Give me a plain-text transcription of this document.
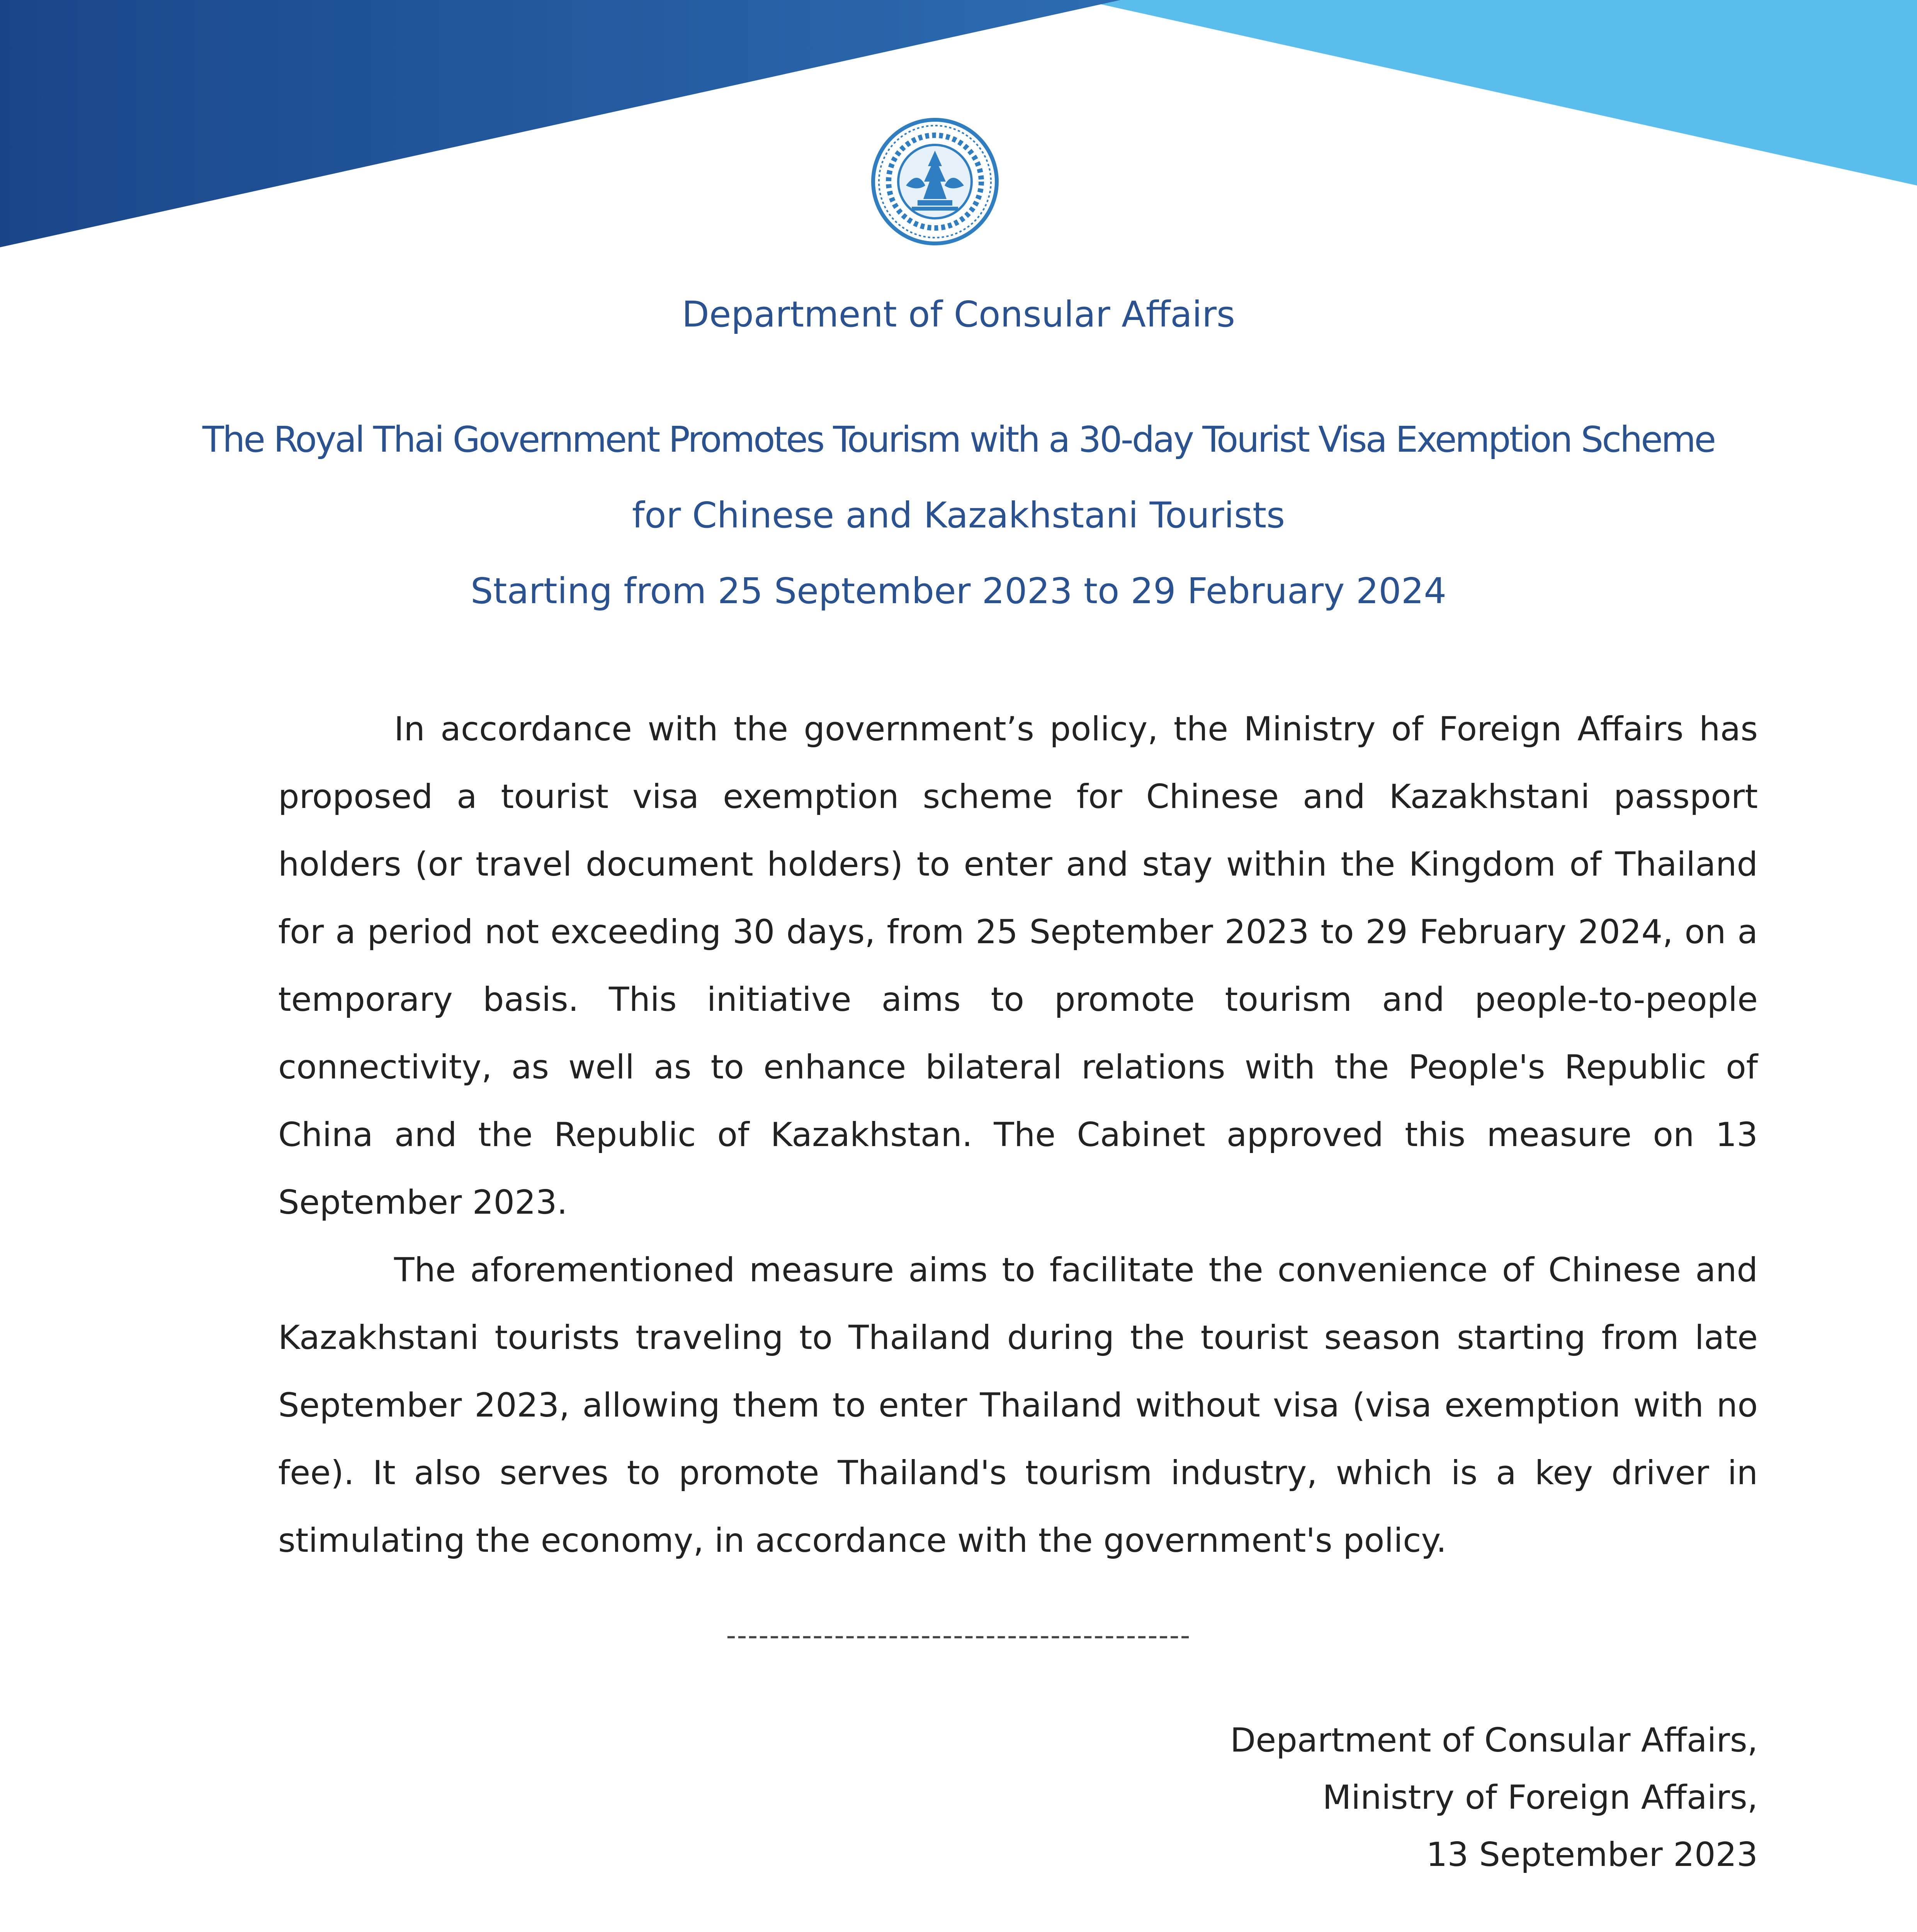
Department of Consular Affairs
The Royal Thai Government Promotes Tourism with a 30-day Tourist Visa Exemption Scheme
for Chinese and Kazakhstani Tourists
Starting from 25 September 2023 to 29 February 2024

In accordance with the government’s policy, the Ministry of Foreign Affairs has proposed a tourist visa exemption scheme for Chinese and Kazakhstani passport holders (or travel document holders) to enter and stay within the Kingdom of Thailand for a period not exceeding 30 days, from 25 September 2023 to 29 February 2024, on a temporary basis. This initiative aims to promote tourism and people-to-people connectivity, as well as to enhance bilateral relations with the People's Republic of China and the Republic of Kazakhstan. The Cabinet approved this measure on 13 September 2023.

The aforementioned measure aims to facilitate the convenience of Chinese and Kazakhstani tourists traveling to Thailand during the tourist season starting from late September 2023, allowing them to enter Thailand without visa (visa exemption with no fee). It also serves to promote Thailand's tourism industry, which is a key driver in stimulating the economy, in accordance with the government's policy.

-------------------------------------------
Department of Consular Affairs,
Ministry of Foreign Affairs,
13 September 2023
